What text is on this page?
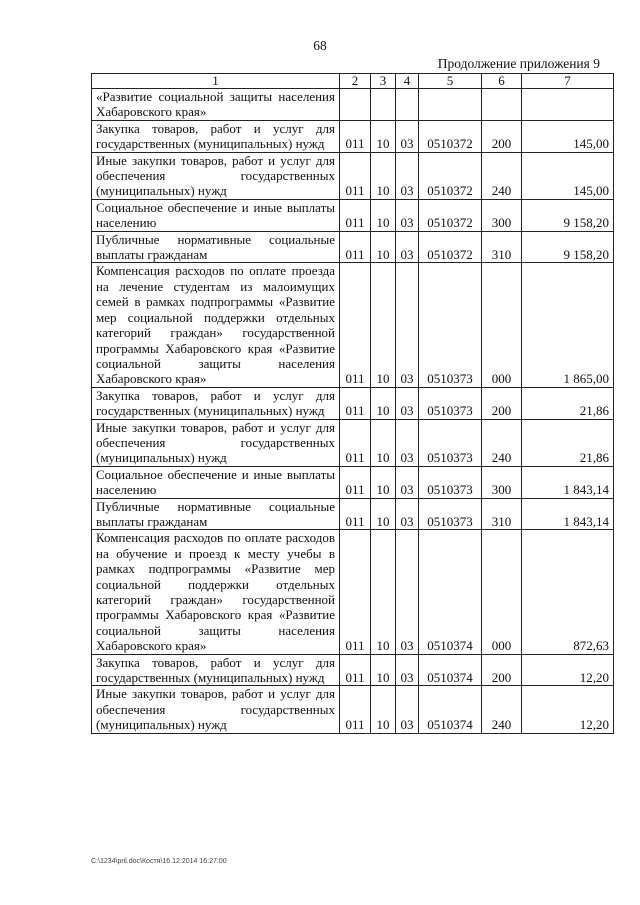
68
Продолжение приложения 9
1	2	3	4	5	6	7
«Развитие социальной защиты населения Хабаровского края»						
Закупка товаров, работ и услуг для государственных (муниципальных) нужд	011	10	03	0510372	200	145,00
Иные закупки товаров, работ и услуг для обеспечения государственных (муниципальных) нужд	011	10	03	0510372	240	145,00
Социальное обеспечение и иные выплаты населению	011	10	03	0510372	300	9 158,20
Публичные нормативные социальные выплаты гражданам	011	10	03	0510372	310	9 158,20
Компенсация расходов по оплате проезда на лечение студентам из малоимущих семей в рамках подпрограммы «Развитие мер социальной поддержки отдельных категорий граждан» государственной программы Хабаровского края «Развитие социальной защиты населения Хабаровского края»	011	10	03	0510373	000	1 865,00
Закупка товаров, работ и услуг для государственных (муниципальных) нужд	011	10	03	0510373	200	21,86
Иные закупки товаров, работ и услуг для обеспечения государственных (муниципальных) нужд	011	10	03	0510373	240	21,86
Социальное обеспечение и иные выплаты населению	011	10	03	0510373	300	1 843,14
Публичные нормативные социальные выплаты гражданам	011	10	03	0510373	310	1 843,14
Компенсация расходов по оплате расходов на обучение и проезд к месту учебы в рамках подпрограммы «Развитие мер социальной поддержки отдельных категорий граждан» государственной программы Хабаровского края «Развитие социальной защиты населения Хабаровского края»	011	10	03	0510374	000	872,63
Закупка товаров, работ и услуг для государственных (муниципальных) нужд	011	10	03	0510374	200	12,20
Иные закупки товаров, работ и услуг для обеспечения государственных (муниципальных) нужд	011	10	03	0510374	240	12,20
C:\1234\pril.doc\Костя\16.12.2014 16:27:00
